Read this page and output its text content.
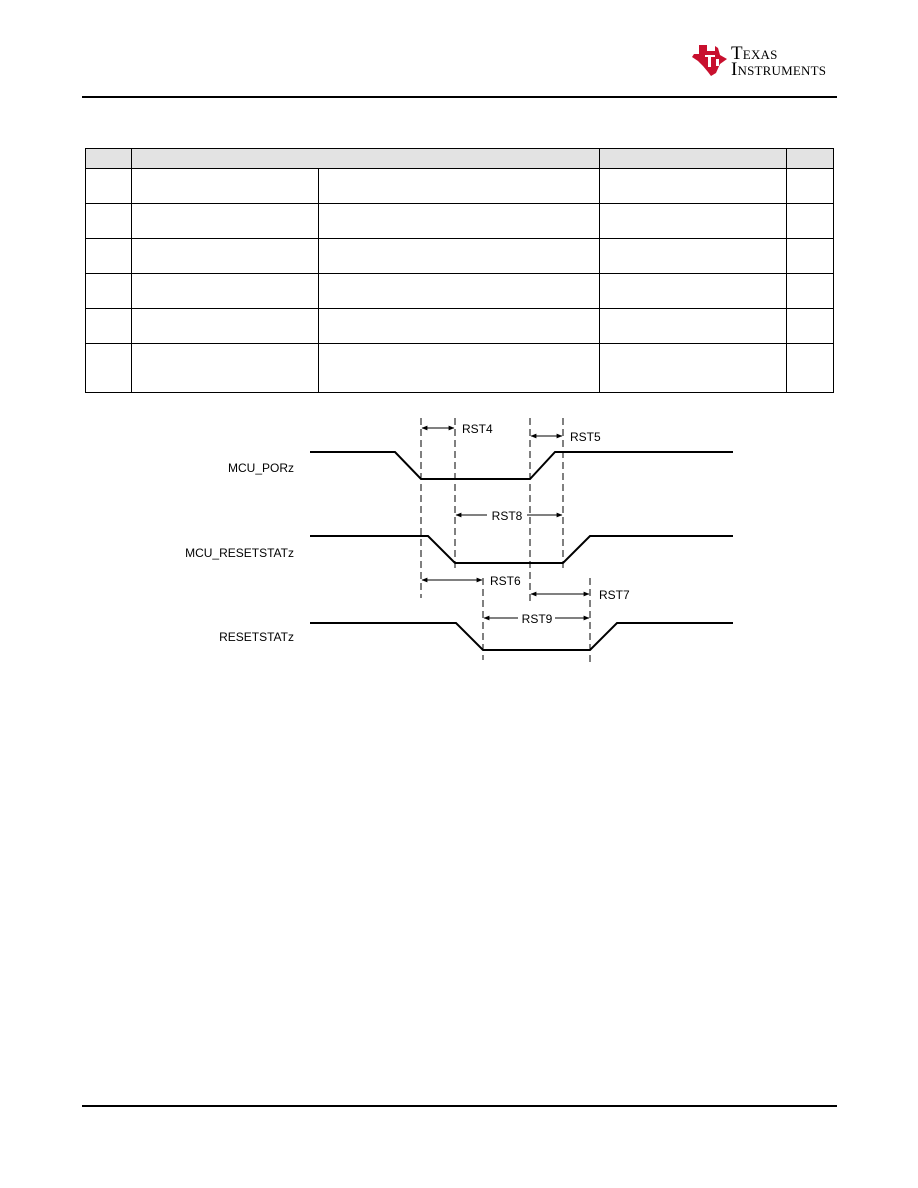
Texas
Instruments

MCU_PORz
MCU_RESETSTATz
RESETSTATz
RST4
RST5
RST8
RST6
RST7
RST9
